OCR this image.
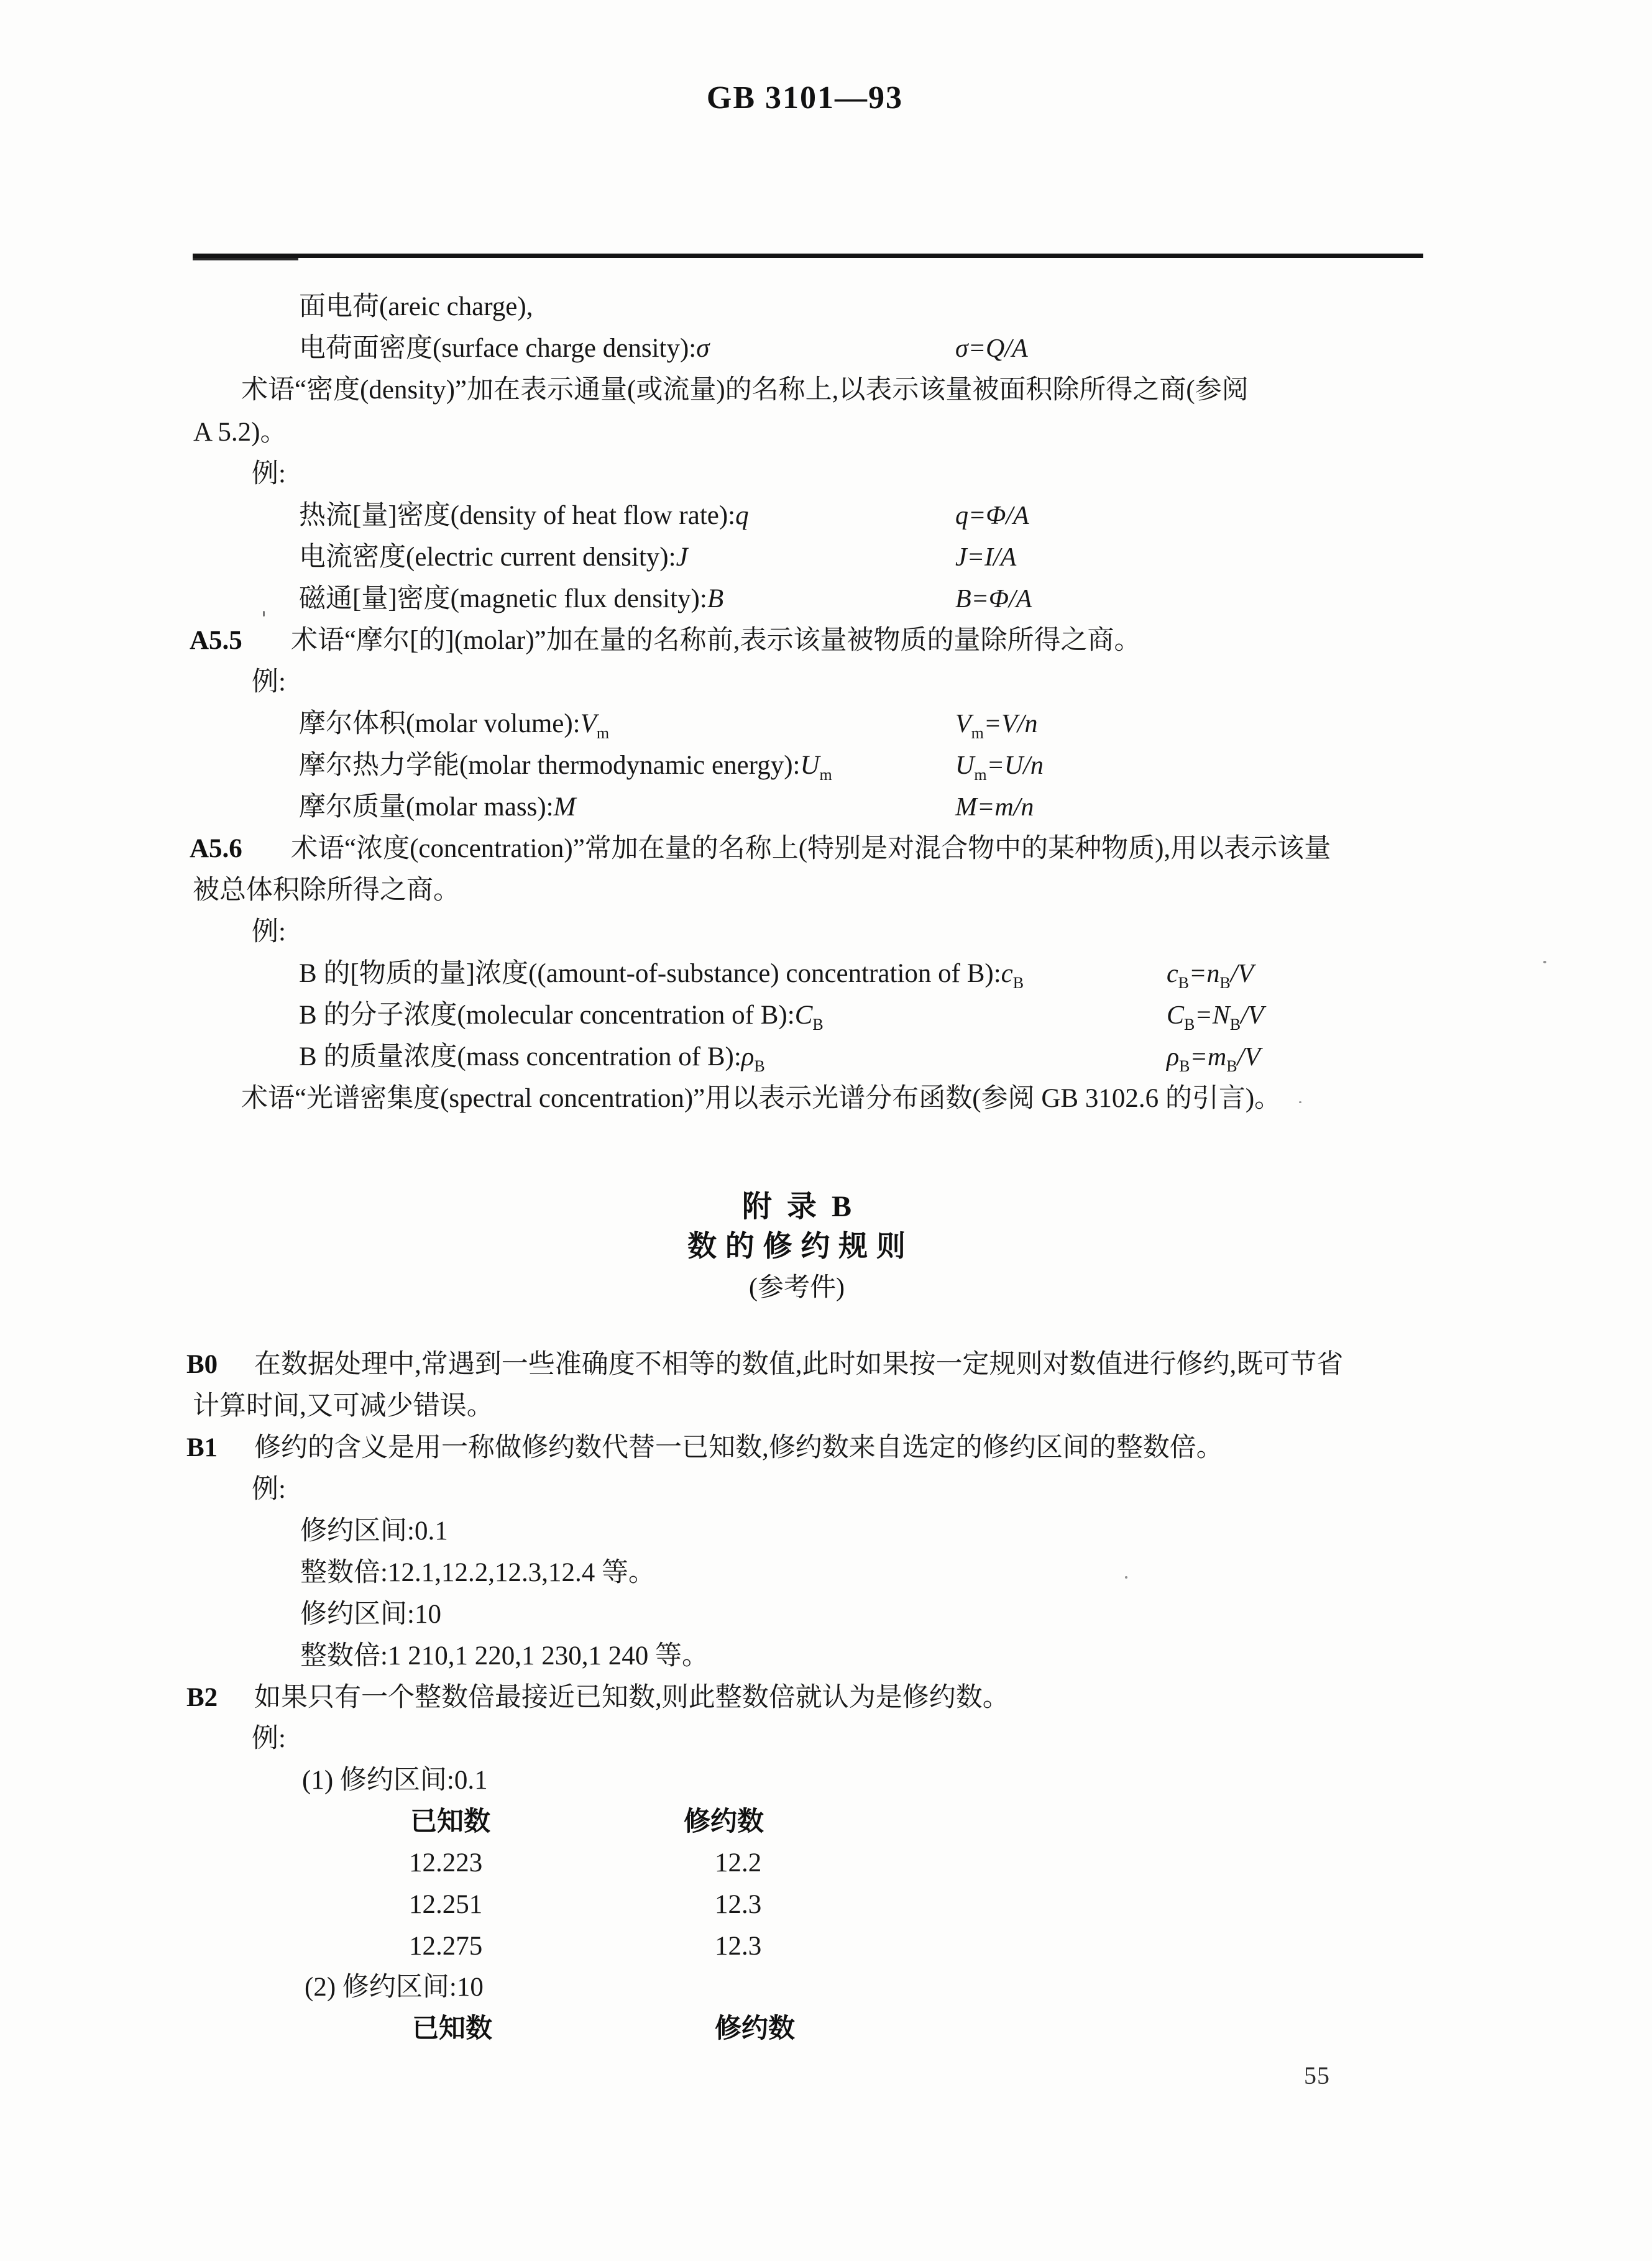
GB 3101—93
面电荷(areic charge),
电荷面密度(surface charge density):σ	σ=Q/A
术语“密度(density)”加在表示通量(或流量)的名称上,以表示该量被面积除所得之商(参阅
A 5.2)。
例:
热流[量]密度(density of heat flow rate):q	q=Φ/A
电流密度(electric current density):J	J=I/A
磁通[量]密度(magnetic flux density):B	B=Φ/A
A5.5 术语“摩尔[的](molar)”加在量的名称前,表示该量被物质的量除所得之商。
例:
摩尔体积(molar $volume):V_m$	$V_m=V/n$
摩尔热力学能(molar thermodynamic $energy):U_m$	$U_m=U/n$
摩尔质量(molar mass):M	M=m/n
A5.6 术语“浓度(concentration)”常加在量的名称上(特别是对混合物中的某种物质),用以表示该量
被总体积除所得之商。
例:
B 的[物质的量]浓度((amount-of-substance) concentration of $B):c_B$	$c_B=n_B/V$
B 的分子浓度(molecular concentration of $B):C_B$	$C_B=N_B/V$
B 的质量浓度(mass concentration of $B):\rho_B$	$\rho_B=m_B/V$
术语“光谱密集度(spectral concentration)”用以表示光谱分布函数(参阅 GB 3102.6 的引言)。
B0 在数据处理中,常遇到一些准确度不相等的数值,此时如果按一定规则对数值进行修约,既可节省
计算时间,又可减少错误。
B1 修约的含义是用一称做修约数代替一已知数,修约数来自选定的修约区间的整数倍。
例:
修约区间:0.1
整数倍:12.1,12.2,12.3,12.4 等。
修约区间:10
整数倍:1 210,1 220,1 230,1 240 等。
B2 如果只有一个整数倍最接近已知数,则此整数倍就认为是修约数。
例:
(1) 修约区间:0.1
已知数	修约数
12.223	12.2
12.251	12.3
12.275	12.3
(2) 修约区间:10
已知数	修约数
附  录  B
数 的 修 约 规 则
(参考件)
55
